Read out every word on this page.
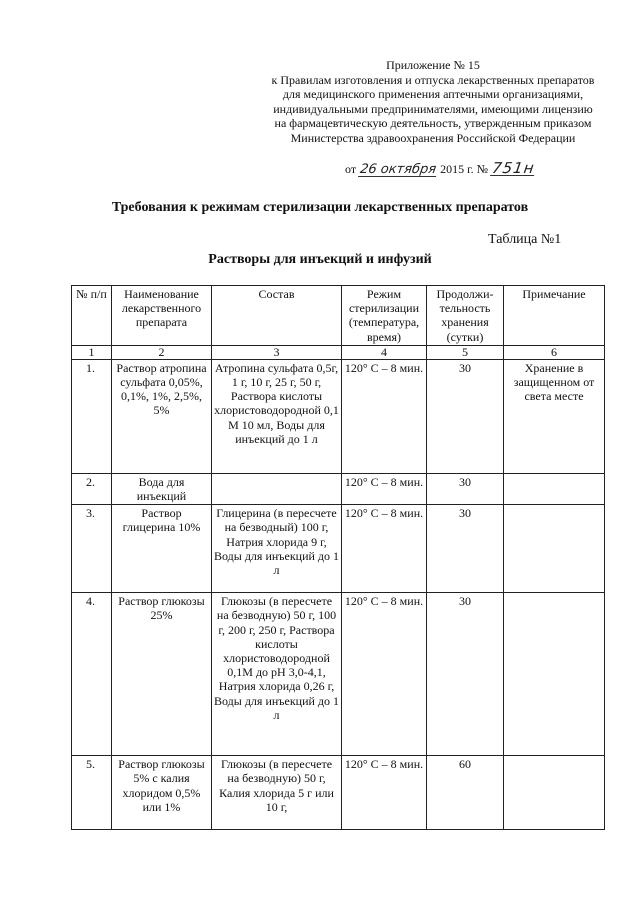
Приложение № 15
к Правилам изготовления и отпуска лекарственных препаратов
для медицинского применения аптечными организациями,
индивидуальными предпринимателями, имеющими лицензию
на фармацевтическую деятельность, утвержденным приказом
Министерства здравоохранения Российской Федерации
от 26 октября 2015 г. № 751н
Требования к режимам стерилизации лекарственных препаратов
Таблица №1
Растворы для инъекций и инфузий
№ п/п	Наименование лекарственного препарата	Состав	Режим стерилизации (температура, время)	Продолжи-тельность хранения (сутки)	Примечание
1	2	3	4	5	6
1.	Раствор атропина сульфата 0,05%, 0,1%, 1%, 2,5%, 5%	Атропина сульфата 0,5г, 1 г, 10 г, 25 г, 50 г, Раствора кислоты хлористоводородной 0,1 М 10 мл, Воды для инъекций до 1 л	120° С – 8 мин.	30	Хранение в защищенном от света месте
2.	Вода для инъекций		120° С – 8 мин.	30	
3.	Раствор глицерина 10%	Глицерина (в пересчете на безводный) 100 г, Натрия хлорида 9 г, Воды для инъекций до 1 л	120° С – 8 мин.	30	
4.	Раствор глюкозы 25%	Глюкозы (в пересчете на безводную) 50 г, 100 г, 200 г, 250 г, Раствора кислоты хлористоводородной 0,1М до pH 3,0-4,1, Натрия хлорида 0,26 г, Воды для инъекций до 1 л	120° С – 8 мин.	30	
5.	Раствор глюкозы 5% с калия хлоридом 0,5% или 1%	Глюкозы (в пересчете на безводную) 50 г, Калия хлорида 5 г или 10 г,	120° С – 8 мин.	60	
